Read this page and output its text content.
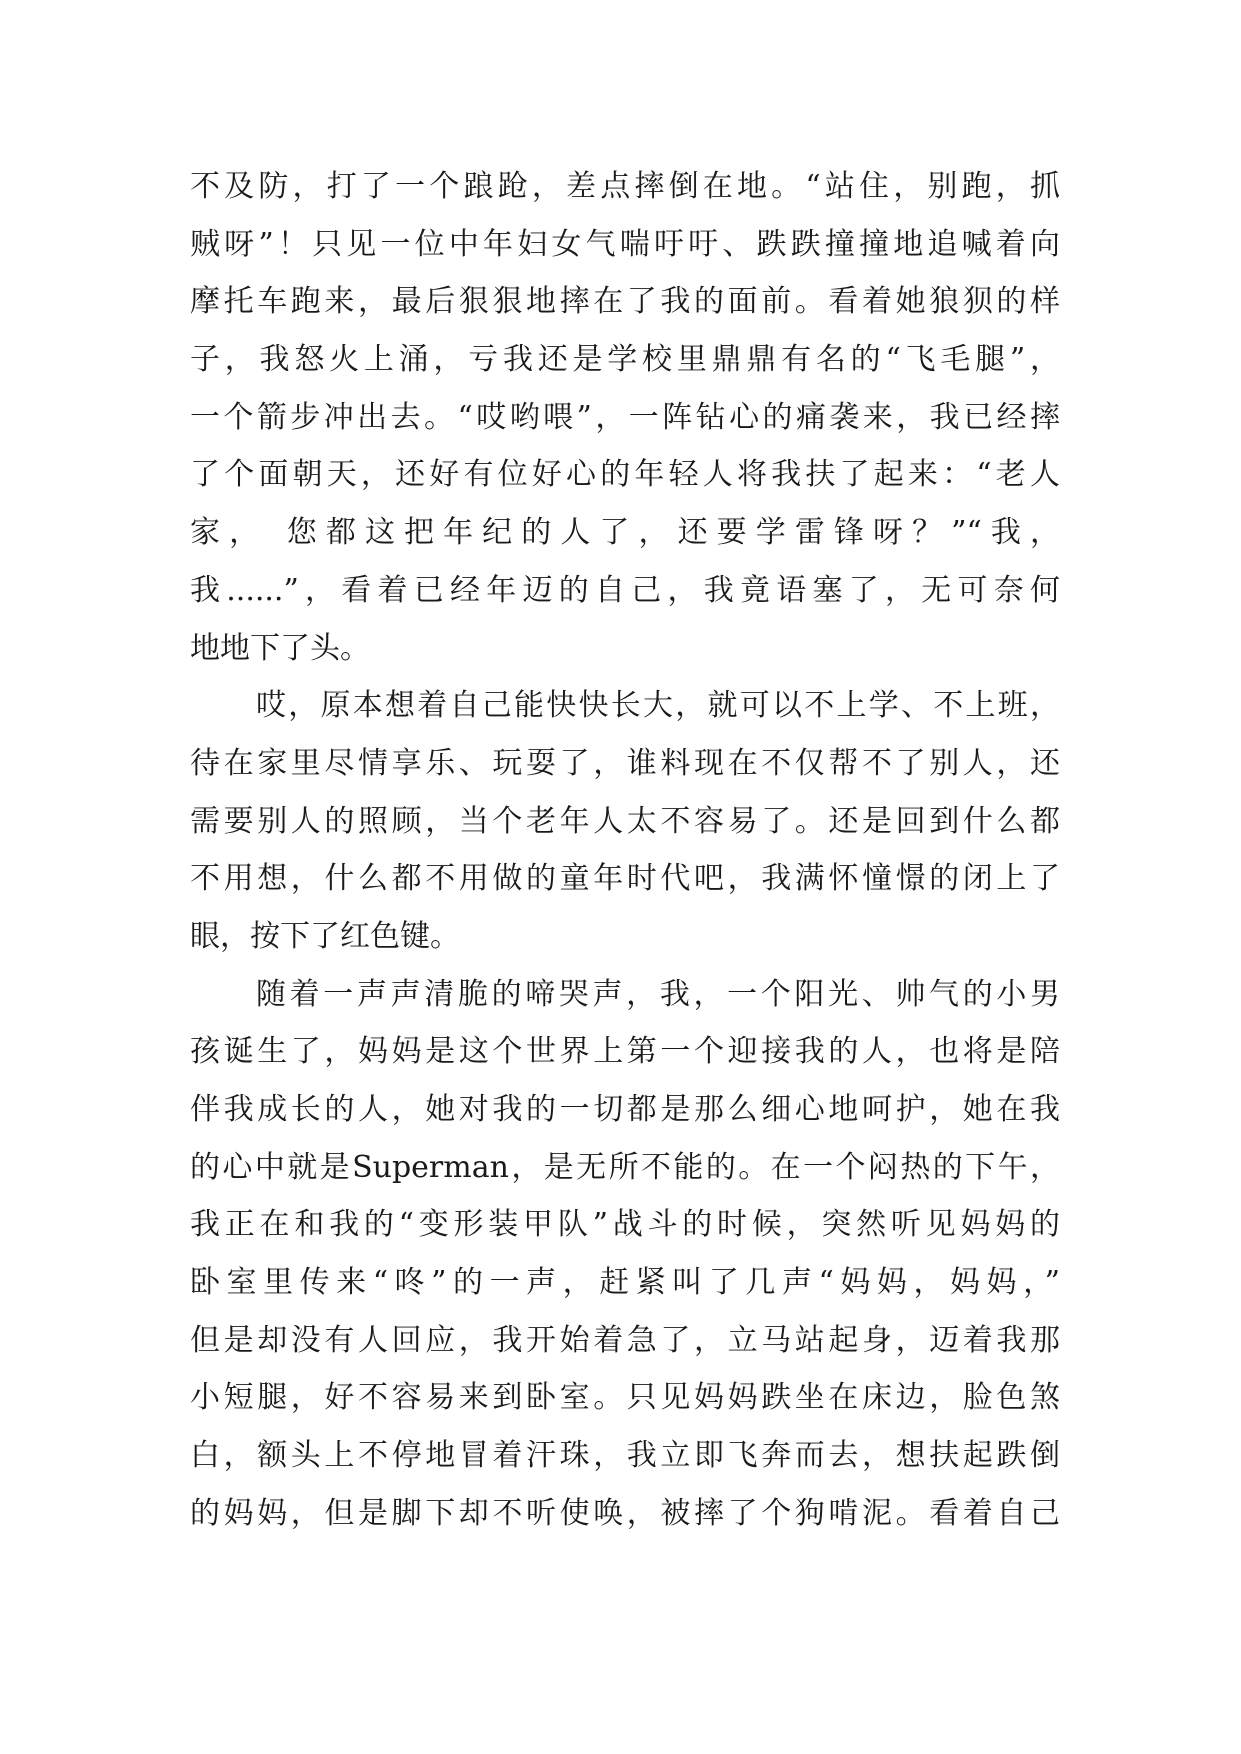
不及防，打了一个踉跄，差点摔倒在地。“站住，别跑，抓
贼呀”！只见一位中年妇女气喘吁吁、跌跌撞撞地追喊着向
摩托车跑来，最后狠狠地摔在了我的面前。看着她狼狈的样
子，我怒火上涌，亏我还是学校里鼎鼎有名的“飞毛腿”，
一个箭步冲出去。“哎哟喂”，一阵钻心的痛袭来，我已经摔
了个面朝天，还好有位好心的年轻人将我扶了起来：“老人
家， 您都这把年纪的人了，还要学雷锋呀？”“我，
我......”，看着已经年迈的自己，我竟语塞了，无可奈何
地地下了头。
哎，原本想着自己能快快长大，就可以不上学、不上班，
待在家里尽情享乐、玩耍了，谁料现在不仅帮不了别人，还
需要别人的照顾，当个老年人太不容易了。还是回到什么都
不用想，什么都不用做的童年时代吧，我满怀憧憬的闭上了
眼，按下了红色键。
随着一声声清脆的啼哭声，我，一个阳光、帅气的小男
孩诞生了，妈妈是这个世界上第一个迎接我的人，也将是陪
伴我成长的人，她对我的一切都是那么细心地呵护，她在我
的心中就是Superman，是无所不能的。在一个闷热的下午，
我正在和我的“变形装甲队”战斗的时候，突然听见妈妈的
卧室里传来“咚”的一声，赶紧叫了几声“妈妈，妈妈，”
但是却没有人回应，我开始着急了，立马站起身，迈着我那
小短腿，好不容易来到卧室。只见妈妈跌坐在床边，脸色煞
白，额头上不停地冒着汗珠，我立即飞奔而去，想扶起跌倒
的妈妈，但是脚下却不听使唤，被摔了个狗啃泥。看着自己
